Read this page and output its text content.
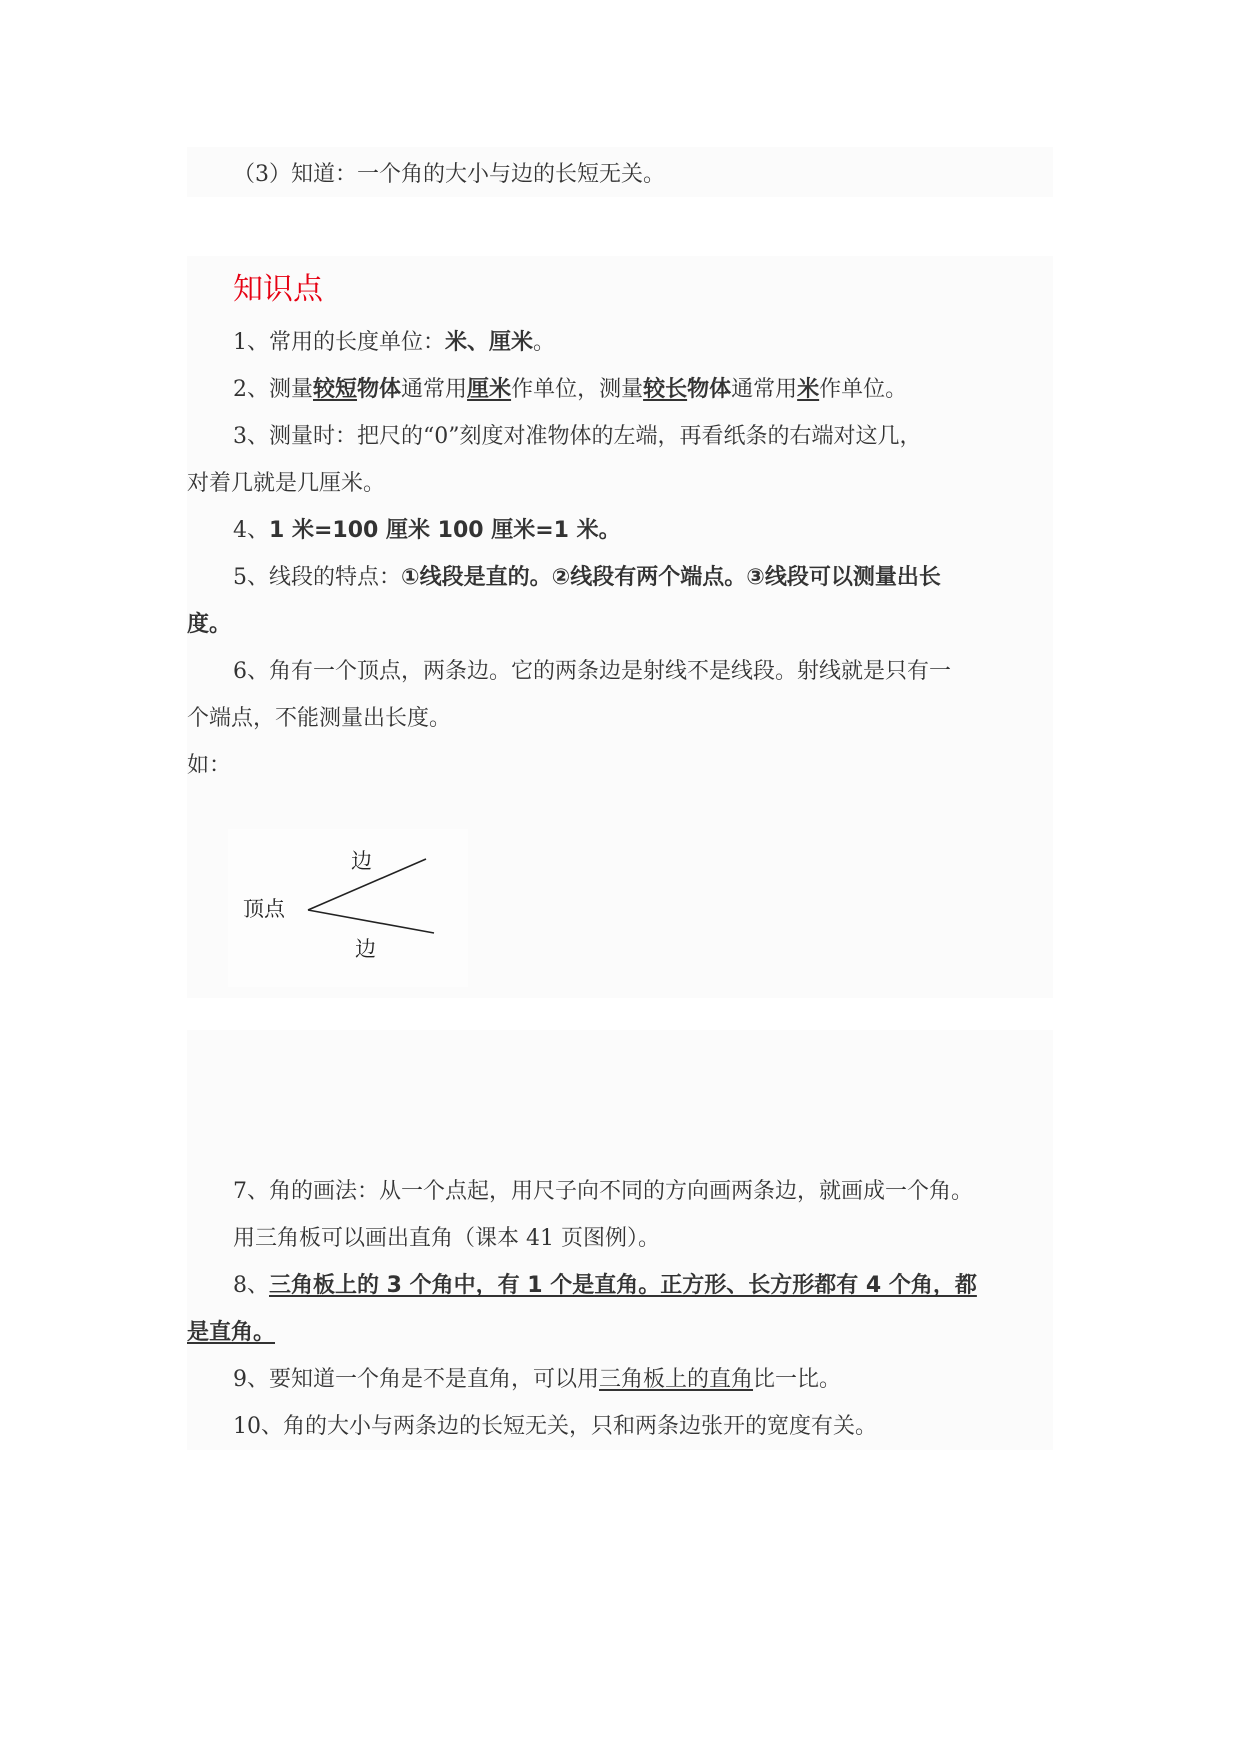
（3）知道：一个角的大小与边的长短无关。
知识点
1、常用的长度单位：米、厘米。
2、测量较短物体通常用厘米作单位，测量较长物体通常用米作单位。
3、测量时：把尺的“0”刻度对准物体的左端，再看纸条的右端对这几，
对着几就是几厘米。
4、1 米=100 厘米 100 厘米=1 米。
5、线段的特点：①线段是直的。②线段有两个端点。③线段可以测量出长
度。
6、角有一个顶点，两条边。它的两条边是射线不是线段。射线就是只有一
个端点，不能测量出长度。
如：
顶点
边
边
7、角的画法：从一个点起，用尺子向不同的方向画两条边，就画成一个角。
用三角板可以画出直角（课本 41 页图例）。
8、三角板上的 3 个角中，有 1 个是直角。正方形、长方形都有 4 个角，都
是直角。
9、要知道一个角是不是直角，可以用三角板上的直角比一比。
10、角的大小与两条边的长短无关，只和两条边张开的宽度有关。
